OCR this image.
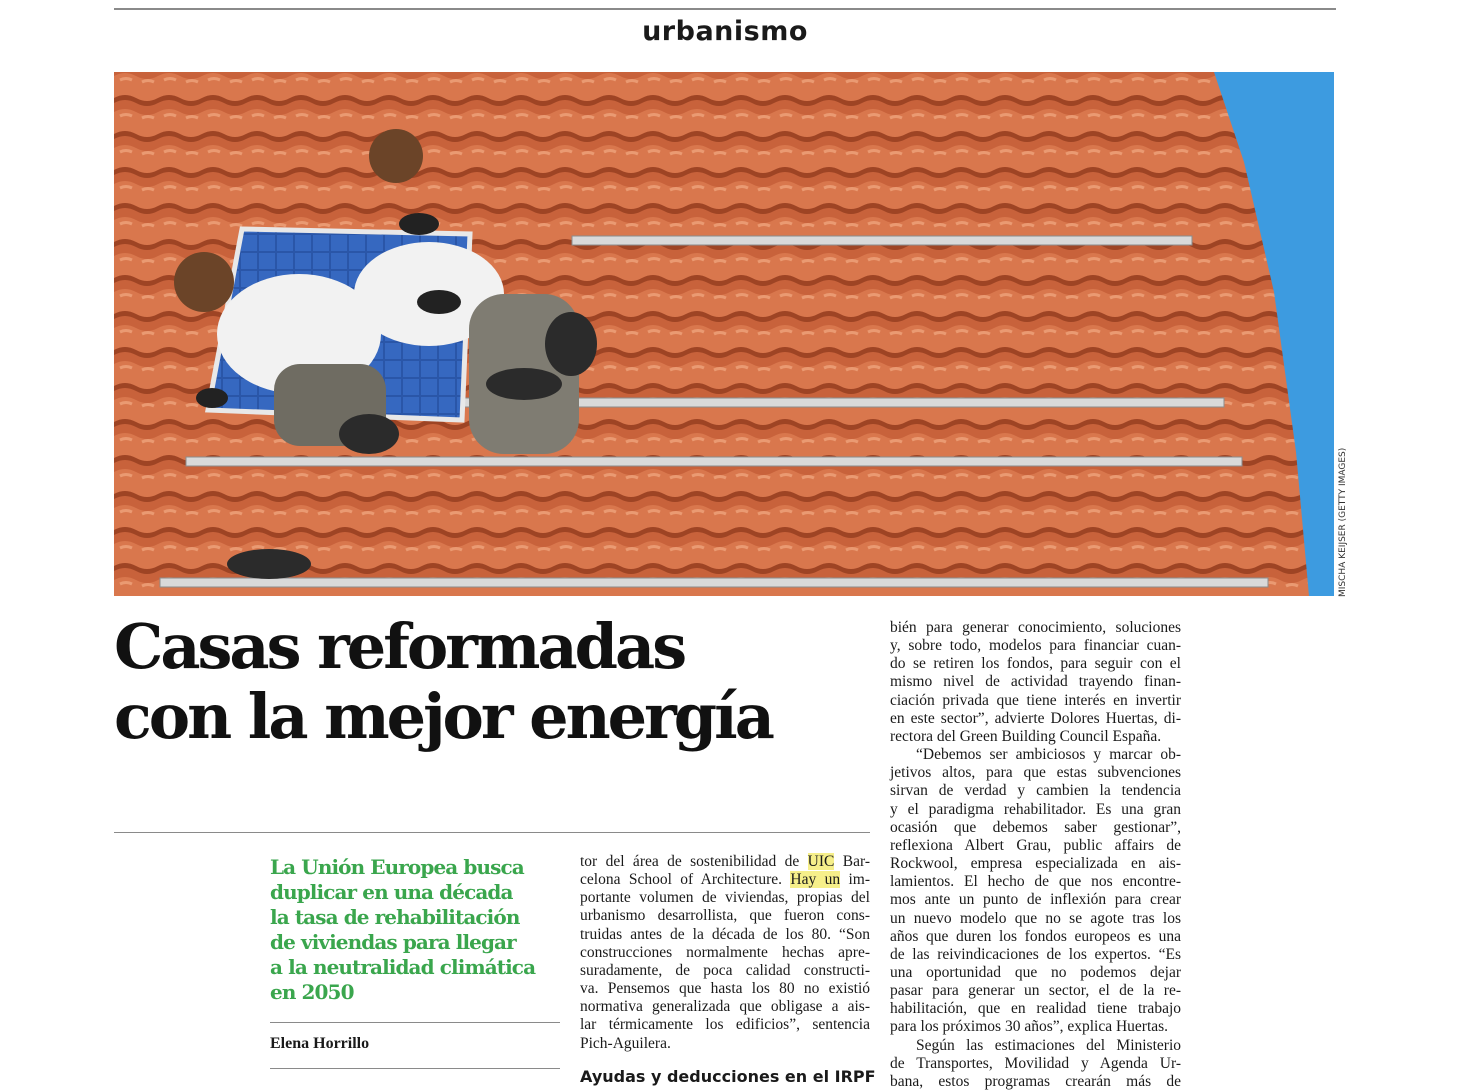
urbanismo
MISCHA KEIJSER (GETTY IMAGES)
Casas reformadas
con la mejor energía

La Unión Europea busca
duplicar en una década
la tasa de rehabilitación
de viviendas para llegar
a la neutralidad climática
en 2050

Elena Horrillo
tor del área de sostenibilidad de UIC Bar-
celona School of Architecture. Hay un im-
portante volumen de viviendas, propias del
urbanismo desarrollista, que fueron cons-
truidas antes de la década de los 80. “Son
construcciones normalmente hechas apre-
suradamente, de poca calidad constructi-
va. Pensemos que hasta los 80 no existió
normativa generalizada que obligase a ais-
lar térmicamente los edificios”, sentencia
Pich-Aguilera.
Ayudas y deducciones en el IRPF
bién para generar conocimiento, soluciones
y, sobre todo, modelos para financiar cuan-
do se retiren los fondos, para seguir con el
mismo nivel de actividad trayendo finan-
ciación privada que tiene interés en invertir
en este sector”, advierte Dolores Huertas, di-
rectora del Green Building Council España.
“Debemos ser ambiciosos y marcar ob-
jetivos altos, para que estas subvenciones
sirvan de verdad y cambien la tendencia
y el paradigma rehabilitador. Es una gran
ocasión que debemos saber gestionar”,
reflexiona Albert Grau, public affairs de
Rockwool, empresa especializada en ais-
lamientos. El hecho de que nos encontre-
mos ante un punto de inflexión para crear
un nuevo modelo que no se agote tras los
años que duren los fondos europeos es una
de las reivindicaciones de los expertos. “Es
una oportunidad que no podemos dejar
pasar para generar un sector, el de la re-
habilitación, que en realidad tiene trabajo
para los próximos 30 años”, explica Huertas.
Según las estimaciones del Ministerio
de Transportes, Movilidad y Agenda Ur-
bana, estos programas crearán más de
